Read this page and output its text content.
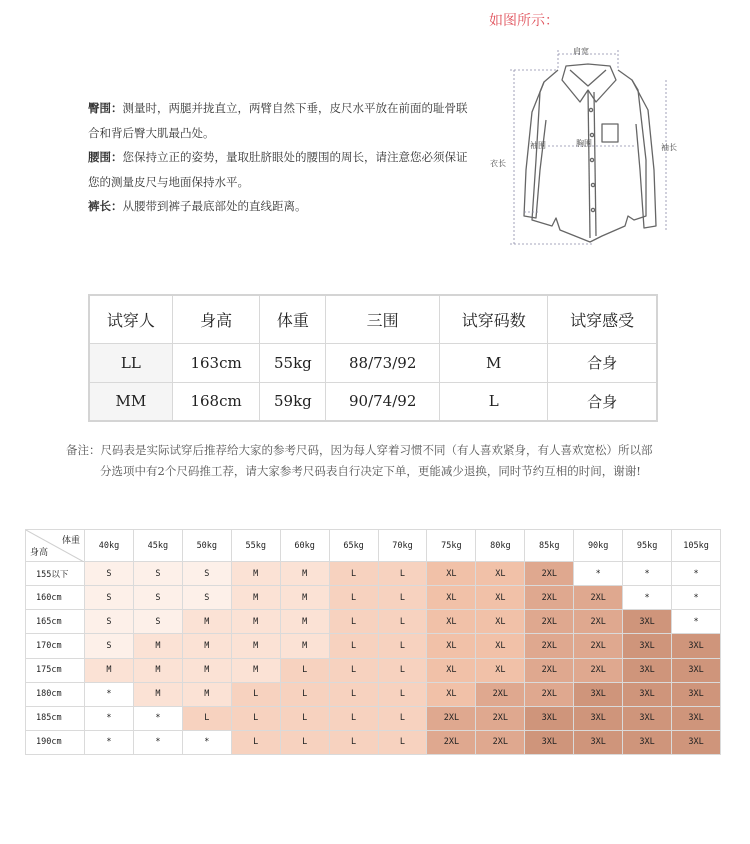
如图所示：
臀围：测量时，两腿并拢直立，两臂自然下垂，皮尺水平放在前面的耻骨联合和背后臀大肌最凸处。
腰围：您保持立正的姿势，量取肚脐眼处的腰围的周长，请注意您必须保证您的测量皮尺与地面保持水平。
裤长：从腰带到裤子最底部处的直线距离。
肩宽
袖围	胸围	袖长
衣长
试穿人	身高	体重	三围	试穿码数	试穿感受
LL	163cm	55kg	88/73/92	M	合身
MM	168cm	59kg	90/74/92	L	合身
备注：尺码表是实际试穿后推荐给大家的参考尺码，因为每人穿着习惯不同（有人喜欢紧身，有人喜欢宽松）所以部
分选项中有2个尺码推工荐，请大家参考尺码表自行决定下单，更能减少退换，同时节约互相的时间，谢谢!
体重
身高	40kg	45kg	50kg	55kg	60kg	65kg	70kg	75kg	80kg	85kg	90kg	95kg	105kg
155以下	S	S	S	M	M	L	L	XL	XL	2XL	*	*	*
160cm	S	S	S	M	M	L	L	XL	XL	2XL	2XL	*	*
165cm	S	S	M	M	M	L	L	XL	XL	2XL	2XL	3XL	*
170cm	S	M	M	M	M	L	L	XL	XL	2XL	2XL	3XL	3XL
175cm	M	M	M	M	L	L	L	XL	XL	2XL	2XL	3XL	3XL
180cm	*	M	M	L	L	L	L	XL	2XL	2XL	3XL	3XL	3XL
185cm	*	*	L	L	L	L	L	2XL	2XL	3XL	3XL	3XL	3XL
190cm	*	*	*	L	L	L	L	2XL	2XL	3XL	3XL	3XL	3XL
